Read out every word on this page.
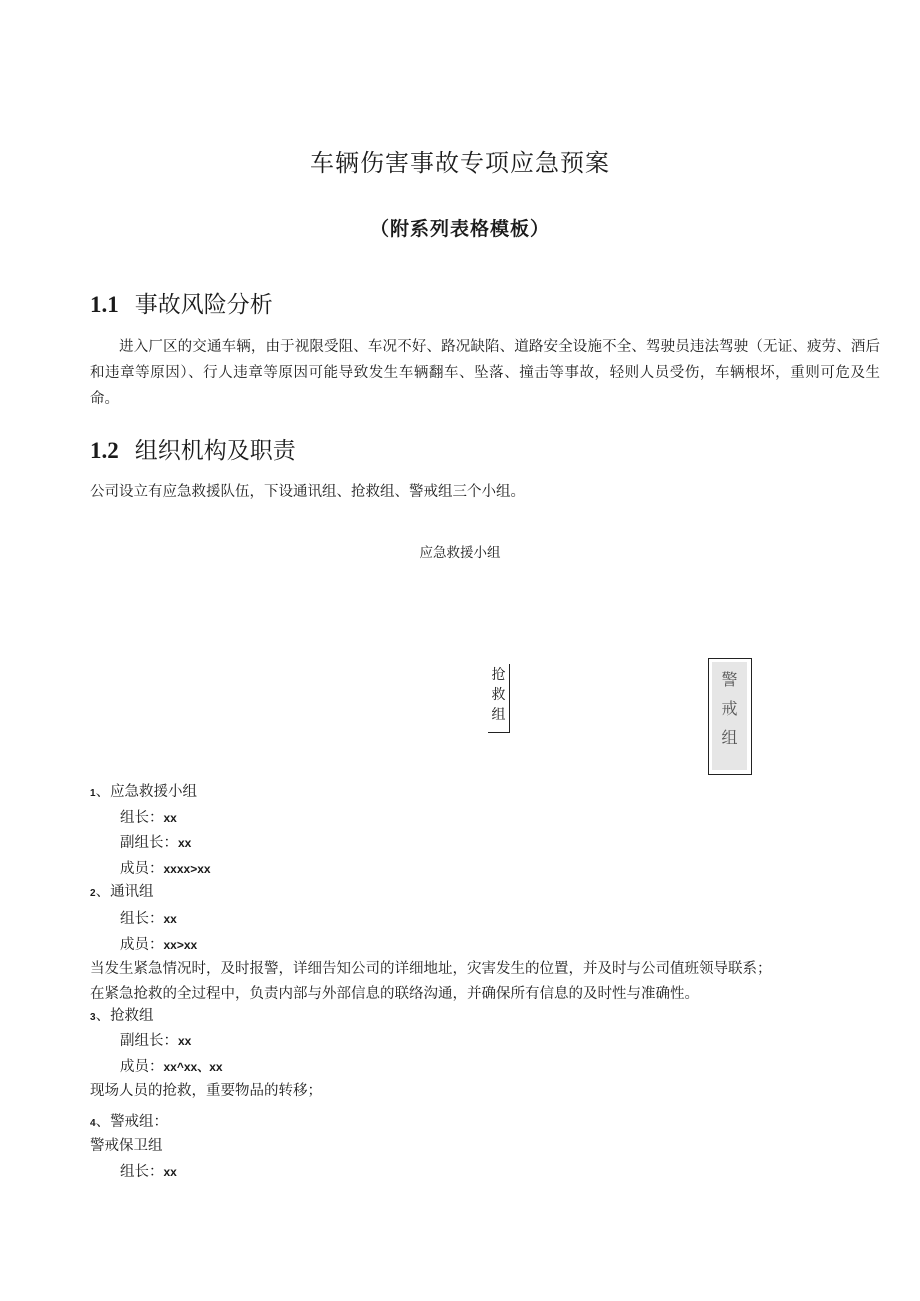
车辆伤害事故专项应急预案
（附系列表格模板）
1.1 事故风险分析
进入厂区的交通车辆，由于视限受阻、车况不好、路况缺陷、道路安全设施不全、驾驶员违法驾驶（无证、疲劳、酒后和违章等原因）、行人违章等原因可能导致发生车辆翻车、坠落、撞击等事故，轻则人员受伤，车辆根坏，重则可危及生命。
1.2 组织机构及职责
公司设立有应急救援队伍，下设通讯组、抢救组、警戒组三个小组。
应急救援小组
抢
救
组
警
戒
组
1、应急救援小组
组长：xx
副组长：xx
成员：xxxx>xx
2、通讯组
组长：xx
成员：xx>xx
当发生紧急情况时，及时报警，详细告知公司的详细地址，灾害发生的位置，并及时与公司值班领导联系；
在紧急抢救的全过程中，负责内部与外部信息的联络沟通，并确保所有信息的及时性与准确性。
3、抢救组
副组长：xx
成员：xx^xx、xx
现场人员的抢救，重要物品的转移；
4、警戒组：
警戒保卫组
组长：xx
